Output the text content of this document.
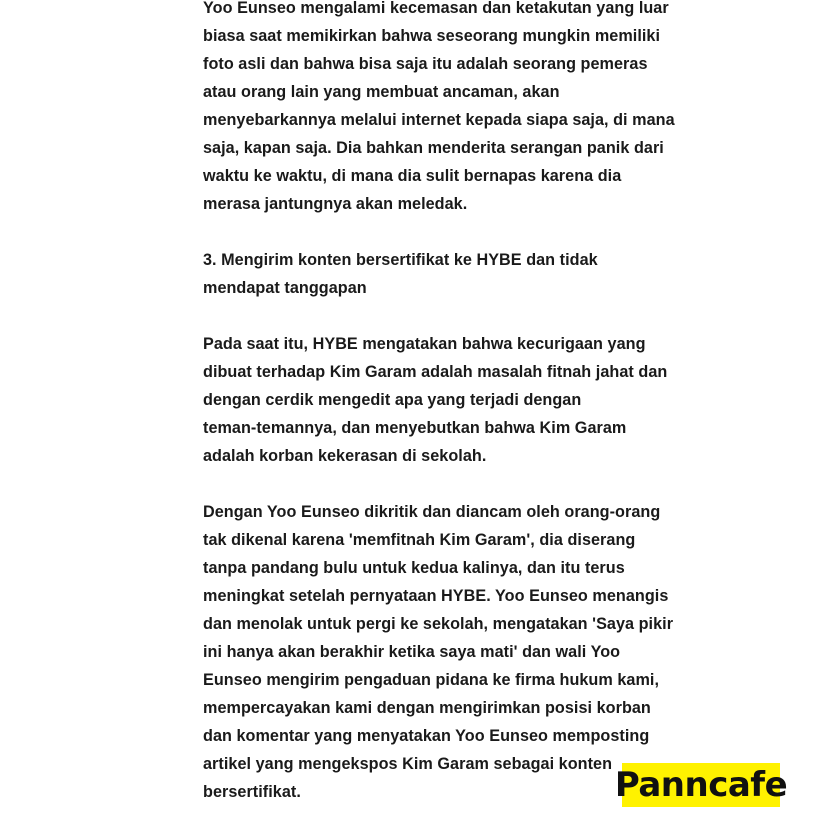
Yoo Eunseo mengalami kecemasan dan ketakutan yang luar
biasa saat memikirkan bahwa seseorang mungkin memiliki
foto asli dan bahwa bisa saja itu adalah seorang pemeras
atau orang lain yang membuat ancaman, akan
menyebarkannya melalui internet kepada siapa saja, di mana
saja, kapan saja. Dia bahkan menderita serangan panik dari
waktu ke waktu, di mana dia sulit bernapas karena dia
merasa jantungnya akan meledak.

3. Mengirim konten bersertifikat ke HYBE dan tidak
mendapat tanggapan

Pada saat itu, HYBE mengatakan bahwa kecurigaan yang
dibuat terhadap Kim Garam adalah masalah fitnah jahat dan
dengan cerdik mengedit apa yang terjadi dengan
teman-temannya, dan menyebutkan bahwa Kim Garam
adalah korban kekerasan di sekolah.

Dengan Yoo Eunseo dikritik dan diancam oleh orang-orang
tak dikenal karena 'memfitnah Kim Garam', dia diserang
tanpa pandang bulu untuk kedua kalinya, dan itu terus
meningkat setelah pernyataan HYBE. Yoo Eunseo menangis
dan menolak untuk pergi ke sekolah, mengatakan 'Saya pikir
ini hanya akan berakhir ketika saya mati' dan wali Yoo
Eunseo mengirim pengaduan pidana ke firma hukum kami,
mempercayakan kami dengan mengirimkan posisi korban
dan komentar yang menyatakan Yoo Eunseo memposting
artikel yang mengekspos Kim Garam sebagai konten
bersertifikat.	Panncafe
